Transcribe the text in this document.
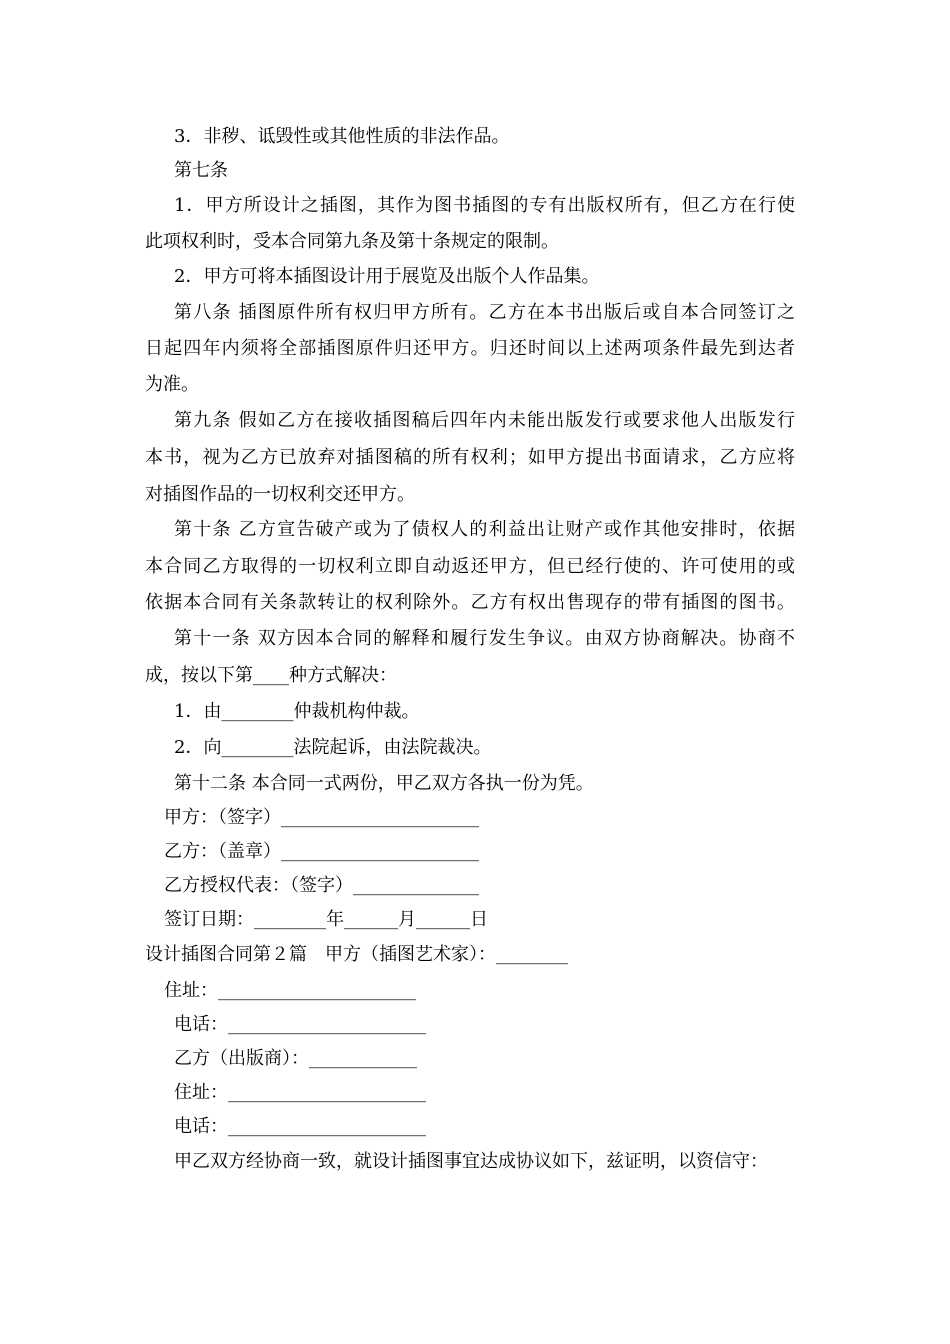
3．非秽、诋毁性或其他性质的非法作品。
第七条
1．甲方所设计之插图，其作为图书插图的专有出版权所有，但乙方在行使
此项权利时，受本合同第九条及第十条规定的限制。
2．甲方可将本插图设计用于展览及出版个人作品集。
第八条 插图原件所有权归甲方所有。乙方在本书出版后或自本合同签订之
日起四年内须将全部插图原件归还甲方。归还时间以上述两项条件最先到达者
为准。
第九条 假如乙方在接收插图稿后四年内未能出版发行或要求他人出版发行
本书，视为乙方已放弃对插图稿的所有权利；如甲方提出书面请求，乙方应将
对插图作品的一切权利交还甲方。
第十条 乙方宣告破产或为了债权人的利益出让财产或作其他安排时，依据
本合同乙方取得的一切权利立即自动返还甲方，但已经行使的、许可使用的或
依据本合同有关条款转让的权利除外。乙方有权出售现存的带有插图的图书。
第十一条 双方因本合同的解释和履行发生争议。由双方协商解决。协商不
成，按以下第____种方式解决：
1．由________仲裁机构仲裁。
2．向________法院起诉，由法院裁决。
第十二条 本合同一式两份，甲乙双方各执一份为凭。
甲方：（签字）______________________
乙方：（盖章）______________________
乙方授权代表：（签字）______________
签订日期：________年______月______日
设计插图合同第２篇　甲方（插图艺术家）：________
住址：______________________
电话：______________________
乙方（出版商）：____________
住址：______________________
电话：______________________
甲乙双方经协商一致，就设计插图事宜达成协议如下，兹证明，以资信守：
